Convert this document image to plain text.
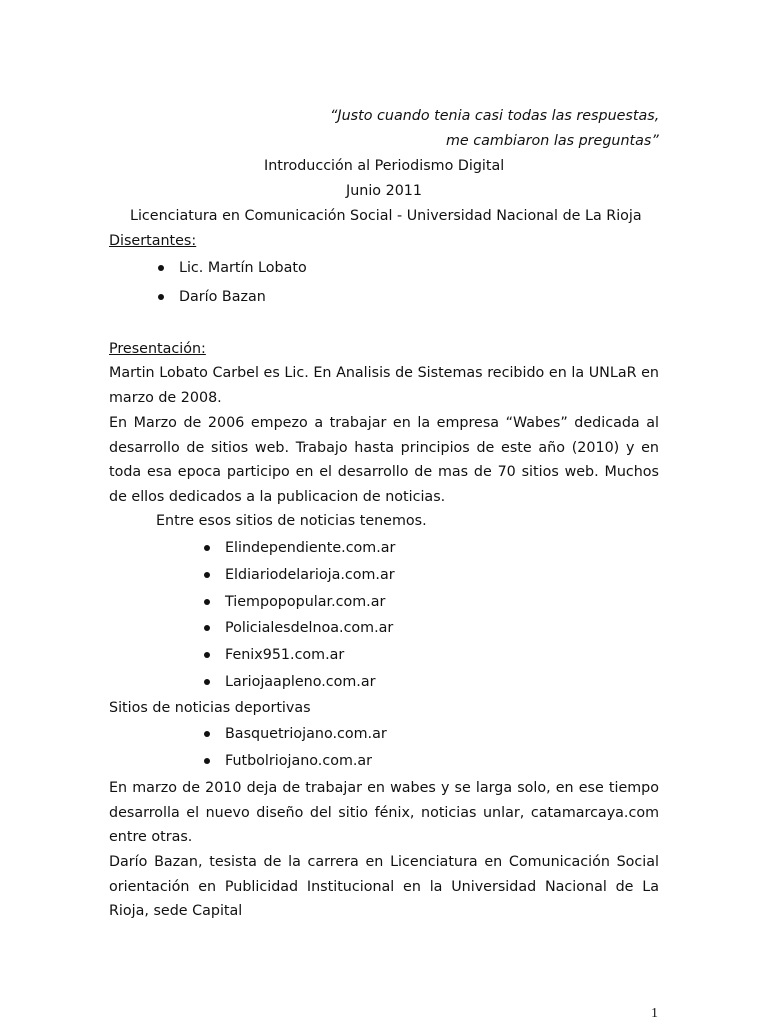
“Justo cuando tenia casi todas las respuestas,
me cambiaron las preguntas”
Introducción al Periodismo Digital
Junio 2011
Licenciatura en Comunicación Social - Universidad Nacional de La Rioja
Disertantes:
Lic. Martín Lobato
Darío Bazan
Presentación:
Martin Lobato Carbel es Lic. En Analisis de Sistemas recibido en la UNLaR en marzo de 2008.
En Marzo de 2006 empezo a trabajar en la empresa “Wabes” dedicada al desarrollo de sitios web. Trabajo hasta principios de este año (2010) y en toda esa epoca participo en el desarrollo de mas de 70 sitios web. Muchos de ellos dedicados a la publicacion de noticias.
Entre esos sitios de noticias tenemos.
Elindependiente.com.ar
Eldiariodelarioja.com.ar
Tiempopopular.com.ar
Policialesdelnoa.com.ar
Fenix951.com.ar
Lariojaapleno.com.ar
Sitios de noticias deportivas
Basquetriojano.com.ar
Futbolriojano.com.ar
En marzo de 2010 deja de trabajar en wabes y se larga solo, en ese tiempo desarrolla el nuevo diseño del sitio fénix, noticias unlar, catamarcaya.com entre otras.
Darío Bazan, tesista de la carrera en Licenciatura en Comunicación Social orientación en Publicidad Institucional en la Universidad Nacional de La Rioja, sede Capital
1
